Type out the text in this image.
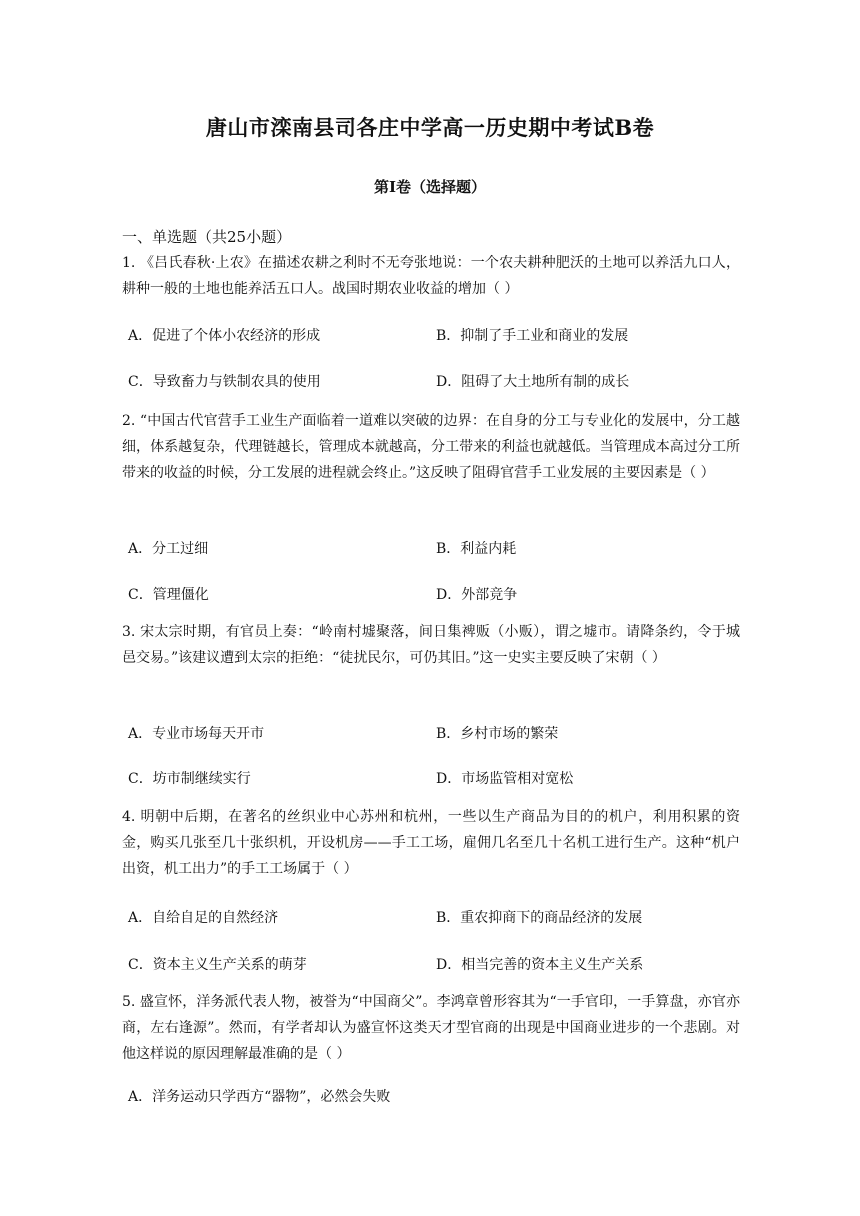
唐山市滦南县司各庄中学高一历史期中考试B卷
第I卷（选择题）
一、单选题（共25小题）
1. 《吕氏春秋·上农》在描述农耕之利时不无夸张地说：一个农夫耕种肥沃的土地可以养活九口人，耕种一般的土地也能养活五口人。战国时期农业收益的增加（ ）
A．促进了个体小农经济的形成	B．抑制了手工业和商业的发展
C．导致畜力与铁制农具的使用	D．阻碍了大土地所有制的成长
2. “中国古代官营手工业生产面临着一道难以突破的边界：在自身的分工与专业化的发展中，分工越细，体系越复杂，代理链越长，管理成本就越高，分工带来的利益也就越低。当管理成本高过分工所带来的收益的时候，分工发展的进程就会终止。”这反映了阻碍官营手工业发展的主要因素是（ ）
A．分工过细	B．利益内耗
C．管理僵化	D．外部竞争
3. 宋太宗时期，有官员上奏：“岭南村墟聚落，间日集裨贩（小贩），谓之墟市。请降条约，令于城邑交易。”该建议遭到太宗的拒绝：“徒扰民尔，可仍其旧。”这一史实主要反映了宋朝（ ）
A．专业市场每天开市	B．乡村市场的繁荣
C．坊市制继续实行	D．市场监管相对宽松
4. 明朝中后期，在著名的丝织业中心苏州和杭州，一些以生产商品为目的的机户，利用积累的资金，购买几张至几十张织机，开设机房——手工工场，雇佣几名至几十名机工进行生产。这种“机户出资，机工出力”的手工工场属于（ ）
A．自给自足的自然经济	B．重农抑商下的商品经济的发展
C．资本主义生产关系的萌芽	D．相当完善的资本主义生产关系
5. 盛宣怀，洋务派代表人物，被誉为“中国商父”。李鸿章曾形容其为“一手官印，一手算盘，亦官亦商，左右逢源”。然而，有学者却认为盛宣怀这类天才型官商的出现是中国商业进步的一个悲剧。对他这样说的原因理解最准确的是（ ）
A．洋务运动只学西方“器物”，必然会失败
